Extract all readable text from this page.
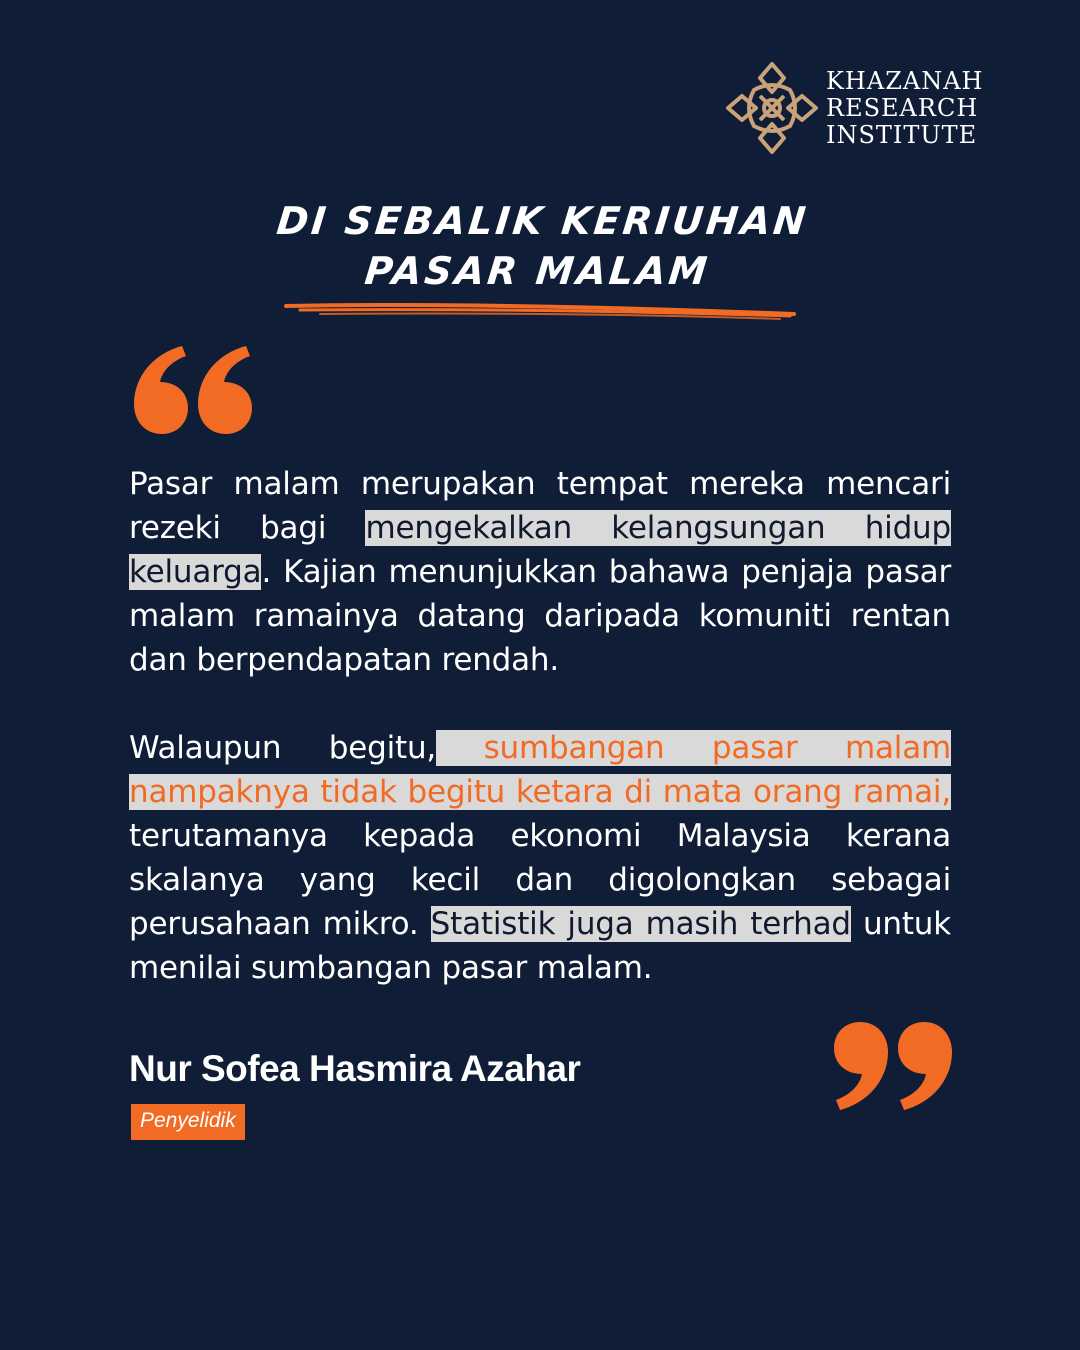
KHAZANAH
RESEARCH
INSTITUTE
DI SEBALIK KERIUHAN
PASAR MALAM
Pasar malam merupakan tempat mereka mencari rezeki bagi mengekalkan kelangsungan hidup keluarga. Kajian menunjukkan bahawa penjaja pasar malam ramainya datang daripada komuniti rentan dan berpendapatan rendah.
Walaupun begitu, sumbangan pasar malam nampaknya tidak begitu ketara di mata orang ramai, terutamanya kepada ekonomi Malaysia kerana skalanya yang kecil dan digolongkan sebagai perusahaan mikro. Statistik juga masih terhad untuk menilai sumbangan pasar malam.
Nur Sofea Hasmira Azahar
Penyelidik
